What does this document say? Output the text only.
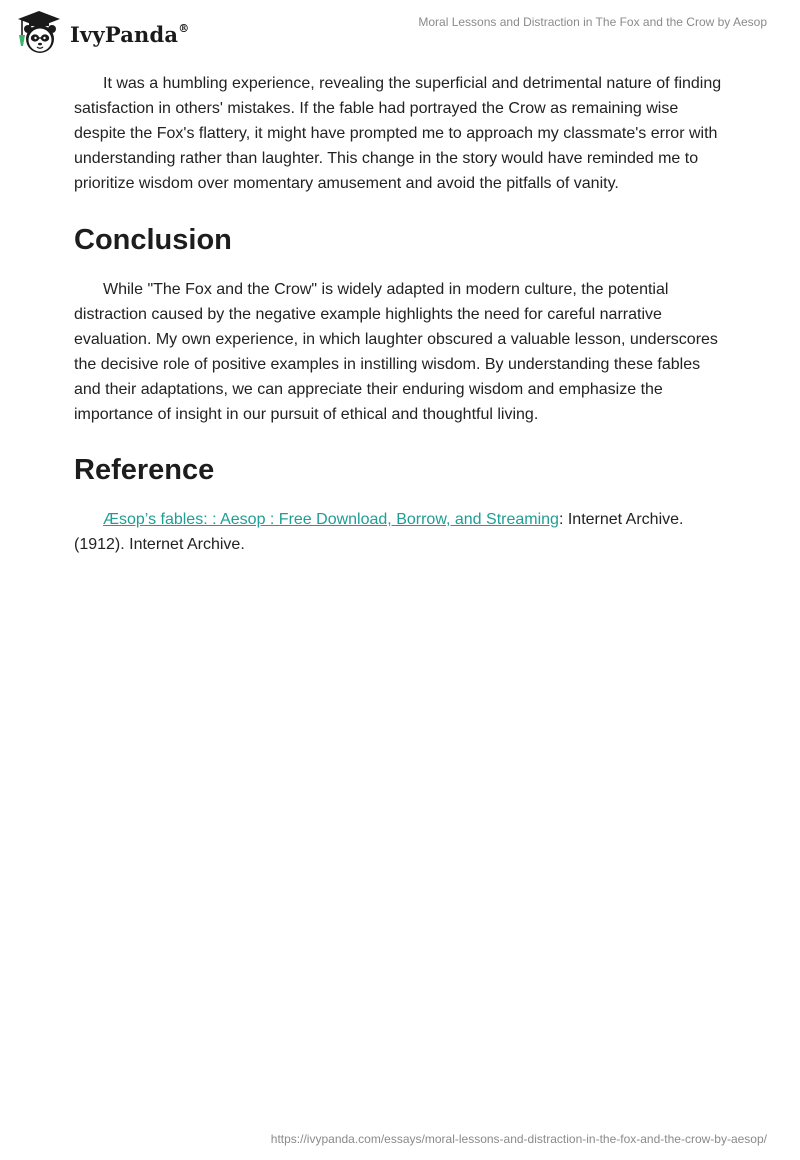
IvyPanda®	Moral Lessons and Distraction in The Fox and the Crow by Aesop

It was a humbling experience, revealing the superficial and detrimental nature of finding satisfaction in others' mistakes. If the fable had portrayed the Crow as remaining wise despite the Fox's flattery, it might have prompted me to approach my classmate's error with understanding rather than laughter. This change in the story would have reminded me to prioritize wisdom over momentary amusement and avoid the pitfalls of vanity.

Conclusion

While "The Fox and the Crow" is widely adapted in modern culture, the potential distraction caused by the negative example highlights the need for careful narrative evaluation. My own experience, in which laughter obscured a valuable lesson, underscores the decisive role of positive examples in instilling wisdom. By understanding these fables and their adaptations, we can appreciate their enduring wisdom and emphasize the importance of insight in our pursuit of ethical and thoughtful living.

Reference

Æsop’s fables: : Aesop : Free Download, Borrow, and Streaming: Internet Archive. (1912). Internet Archive.

https://ivypanda.com/essays/moral-lessons-and-distraction-in-the-fox-and-the-crow-by-aesop/
